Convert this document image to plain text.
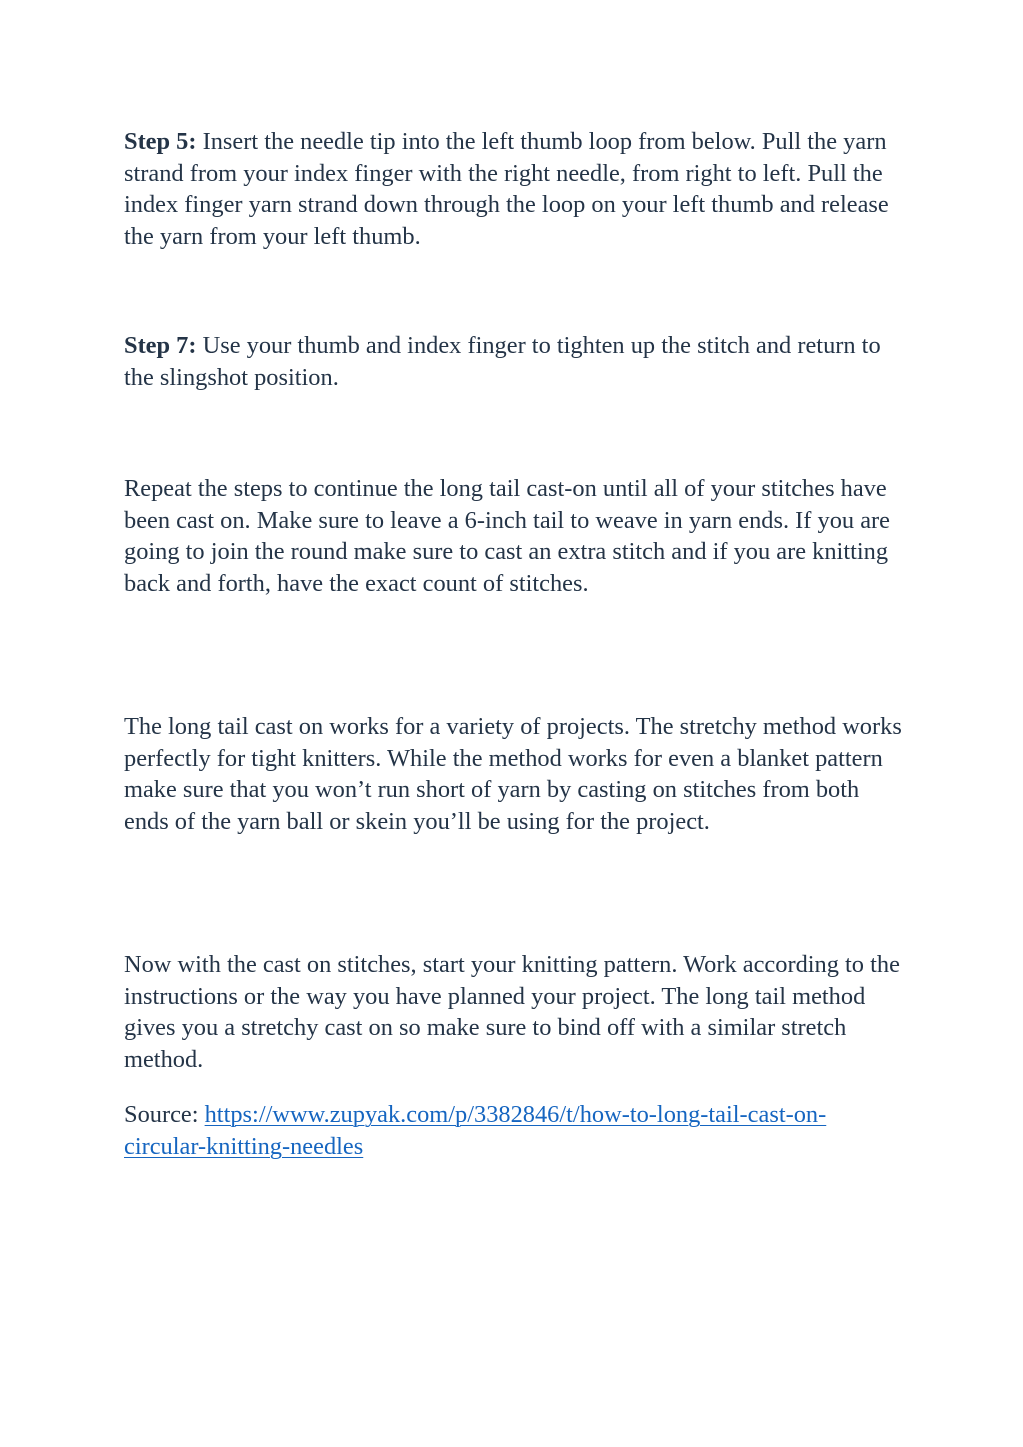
Step 5: Insert the needle tip into the left thumb loop from below. Pull the yarn strand from your index finger with the right needle, from right to left. Pull the index finger yarn strand down through the loop on your left thumb and release the yarn from your left thumb.

Step 7: Use your thumb and index finger to tighten up the stitch and return to the slingshot position.

Repeat the steps to continue the long tail cast-on until all of your stitches have been cast on. Make sure to leave a 6-inch tail to weave in yarn ends. If you are going to join the round make sure to cast an extra stitch and if you are knitting back and forth, have the exact count of stitches.

The long tail cast on works for a variety of projects. The stretchy method works perfectly for tight knitters. While the method works for even a blanket pattern make sure that you won’t run short of yarn by casting on stitches from both ends of the yarn ball or skein you’ll be using for the project.

Now with the cast on stitches, start your knitting pattern. Work according to the instructions or the way you have planned your project. The long tail method gives you a stretchy cast on so make sure to bind off with a similar stretch method.

Source: https://www.zupyak.com/p/3382846/t/how-to-long-tail-cast-on-circular-knitting-needles
